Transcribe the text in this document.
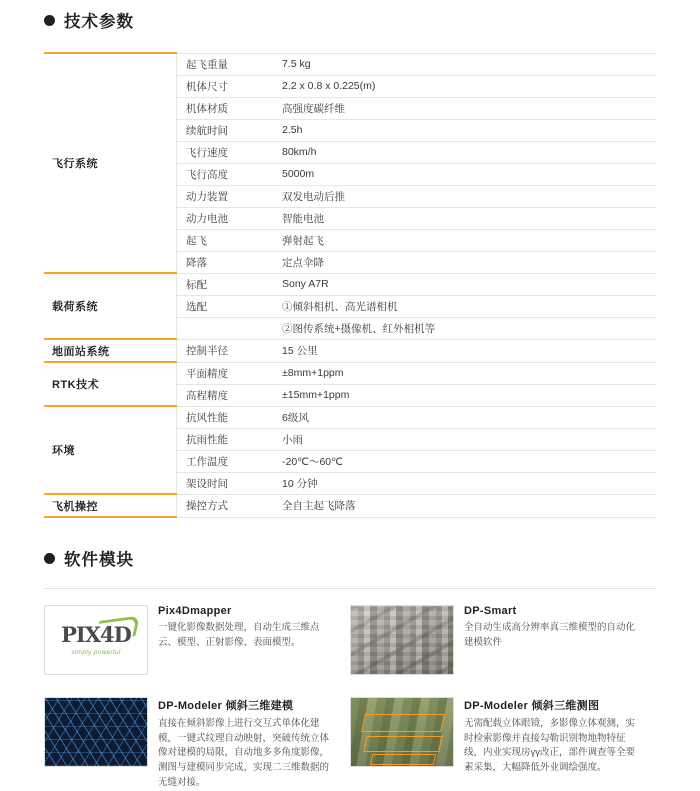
技术参数
飞行系统	起飞重量	7.5 kg
	机体尺寸	2.2 x 0.8 x 0.225(m)
	机体材质	高强度碳纤维
	续航时间	2.5h
	飞行速度	80km/h
	飞行高度	5000m
	动力装置	双发电动后推
	动力电池	智能电池
	起飞	弹射起飞
	降落	定点伞降
载荷系统	标配	Sony A7R
	选配	①倾斜相机、高光谱相机
		②图传系统+摄像机、红外相机等
地面站系统	控制半径	15 公里
RTK技术	平面精度	±8mm+1ppm
	高程精度	±15mm+1ppm
环境	抗风性能	6级风
	抗雨性能	小雨
	工作温度	-20℃～60℃
	架设时间	10 分钟
飞机操控	操控方式	全自主起飞降落
软件模块
PIX4D
simply powerful
Pix4Dmapper
一键化影像数据处理，自动生成三维点云、模型、正射影像、表面模型。
DP-Smart
全自动生成高分辨率真三维模型的自动化建模软件
DP-Modeler 倾斜三维建模
直接在倾斜影像上进行交互式单体化建模，一键式纹理自动映射，突破传统立体像对建模的局限，自动地多多角度影像，测图与建模同步完成，实现二三维数据的无缝对接。
DP-Modeler 倾斜三维测图
无需配载立体眼镜，多影像立体观测，实时检索影像并直接勾勒识别物地物特征线，内业实现房үү改正，部件调查等全要素采集，大幅降低外业调绘强度。
